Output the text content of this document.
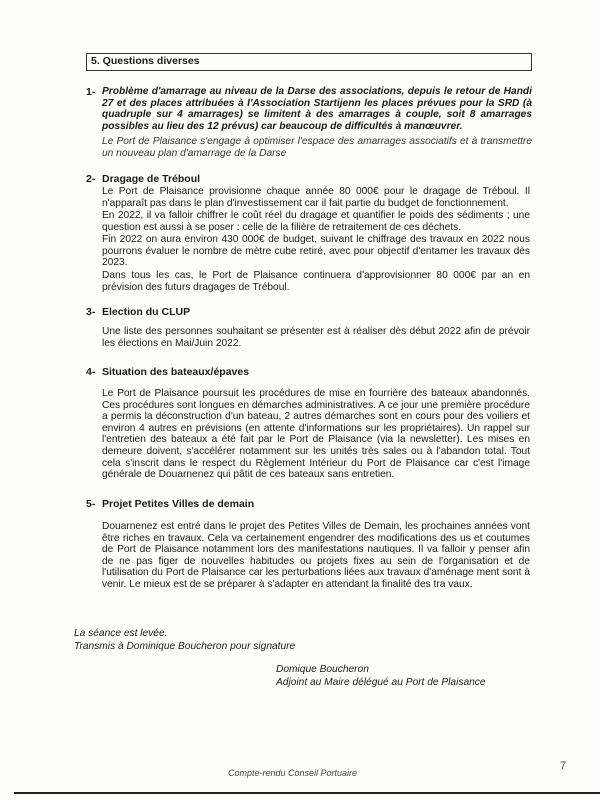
5. Questions diverses
1- Problème d'amarrage au niveau de la Darse des associations, depuis le retour de Handi 27 et des places attribuées à l'Association Startijenn les places prévues pour la SRD (à quadruple sur 4 amarrages) se limitent à des amarrages à couple, soit 8 amarrages possibles au lieu des 12 prévus) car beaucoup de difficultés à manœuvrer.
Le Port de Plaisance s'engage à optimiser l'espace des amarrages associatifs et à transmettre un nouveau plan d'amarrage de la Darse
2- Dragage de Tréboul
Le Port de Plaisance provisionne chaque année 80 000€ pour le dragage de Tréboul. Il n'apparaît pas dans le plan d'investissement car il fait partie du budget de fonctionnement.
En 2022, il va falloir chiffrer le coût réel du dragage et quantifier le poids des sédiments ; une question est aussi à se poser : celle de la filière de retraitement de ces déchets.
Fin 2022 on aura environ 430 000€ de budget, suivant le chiffrage des travaux en 2022 nous pourrons évaluer le nombre de mètre cube retiré, avec pour objectif d'entamer les travaux dès 2023.
Dans tous les cas, le Port de Plaisance continuera d'approvisionner 80 000€ par an en prévision des futurs dragages de Tréboul.
3- Election du CLUP
Une liste des personnes souhaitant se présenter est à réaliser dès début 2022 afin de prévoir les élections en Mai/Juin 2022.
4- Situation des bateaux/épaves
Le Port de Plaisance poursuit les procédures de mise en fourrière des bateaux abandonnés. Ces procédures sont longues en démarches administratives. A ce jour une première procédure a permis la déconstruction d'un bateau, 2 autres démarches sont en cours pour des voiliers et environ 4 autres en prévisions (en attente d'informations sur les propriétaires). Un rappel sur l'entretien des bateaux a été fait par le Port de Plaisance (via la newsletter). Les mises en demeure doivent, s'accélérer notamment sur les unités très sales ou à l'abandon total. Tout cela s'inscrit dans le respect du Règlement Intérieur du Port de Plaisance car c'est l'image générale de Douarnenez qui pâtit de ces bateaux sans entretien.
5- Projet Petites Villes de demain
Douarnenez est entré dans le projet des Petites Villes de Demain, les prochaines années vont être riches en travaux. Cela va certainement engendrer des modifications des us et coutumes de Port de Plaisance notamment lors des manifestations nautiques. Il va falloir y penser afin de ne pas figer de nouvelles habitudes ou projets fixes au sein de l'organisation et de l'utilisation du Port de Plaisance car les perturbations liées aux travaux d'aménage ment sont à venir. Le mieux est de se préparer à s'adapter en attendant la finalité des tra vaux.
La séance est levée.
Transmis à Dominique Boucheron pour signature
Domique Boucheron
Adjoint au Maire délégué au Port de Plaisance
Compte-rendu Conseil Portuaire
7
